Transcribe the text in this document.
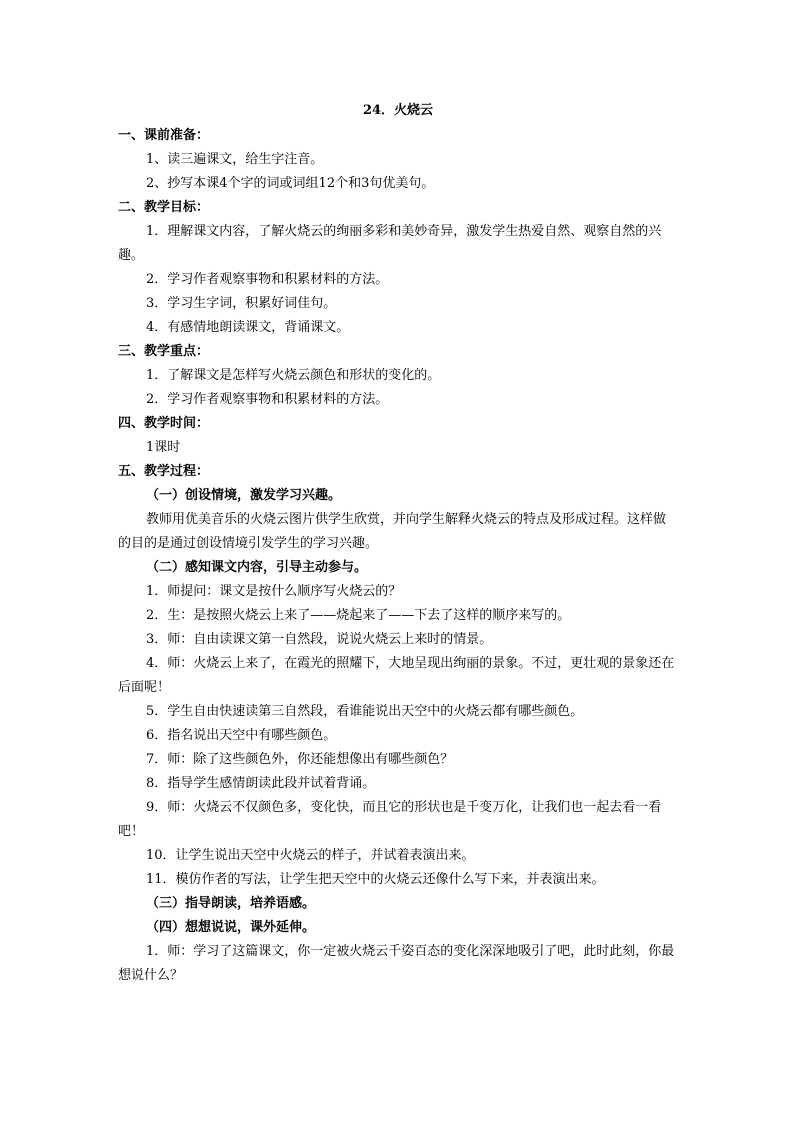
24．火烧云
一、课前准备：
1、读三遍课文，给生字注音。
2、抄写本课4个字的词或词组12个和3句优美句。
二、教学目标：
1．理解课文内容，了解火烧云的绚丽多彩和美妙奇异，激发学生热爱自然、观察自然的兴趣。
2．学习作者观察事物和积累材料的方法。
3．学习生字词，积累好词佳句。
4．有感情地朗读课文，背诵课文。
三、教学重点：
1．了解课文是怎样写火烧云颜色和形状的变化的。
2．学习作者观察事物和积累材料的方法。
四、教学时间：
1课时
五、教学过程：
（一）创设情境，激发学习兴趣。
教师用优美音乐的火烧云图片供学生欣赏，并向学生解释火烧云的特点及形成过程。这样做的目的是通过创设情境引发学生的学习兴趣。
（二）感知课文内容，引导主动参与。
1．师提问：课文是按什么顺序写火烧云的？
2．生：是按照火烧云上来了——烧起来了——下去了这样的顺序来写的。
3．师：自由读课文第一自然段，说说火烧云上来时的情景。
4．师：火烧云上来了，在霞光的照耀下，大地呈现出绚丽的景象。不过，更壮观的景象还在后面呢！
5．学生自由快速读第三自然段，看谁能说出天空中的火烧云都有哪些颜色。
6．指名说出天空中有哪些颜色。
7．师：除了这些颜色外，你还能想像出有哪些颜色？
8．指导学生感情朗读此段并试着背诵。
9．师：火烧云不仅颜色多，变化快，而且它的形状也是千变万化，让我们也一起去看一看吧！
10．让学生说出天空中火烧云的样子，并试着表演出来。
11．模仿作者的写法，让学生把天空中的火烧云还像什么写下来，并表演出来。
（三）指导朗读，培养语感。
（四）想想说说，课外延伸。
1．师：学习了这篇课文，你一定被火烧云千姿百态的变化深深地吸引了吧，此时此刻，你最想说什么？
